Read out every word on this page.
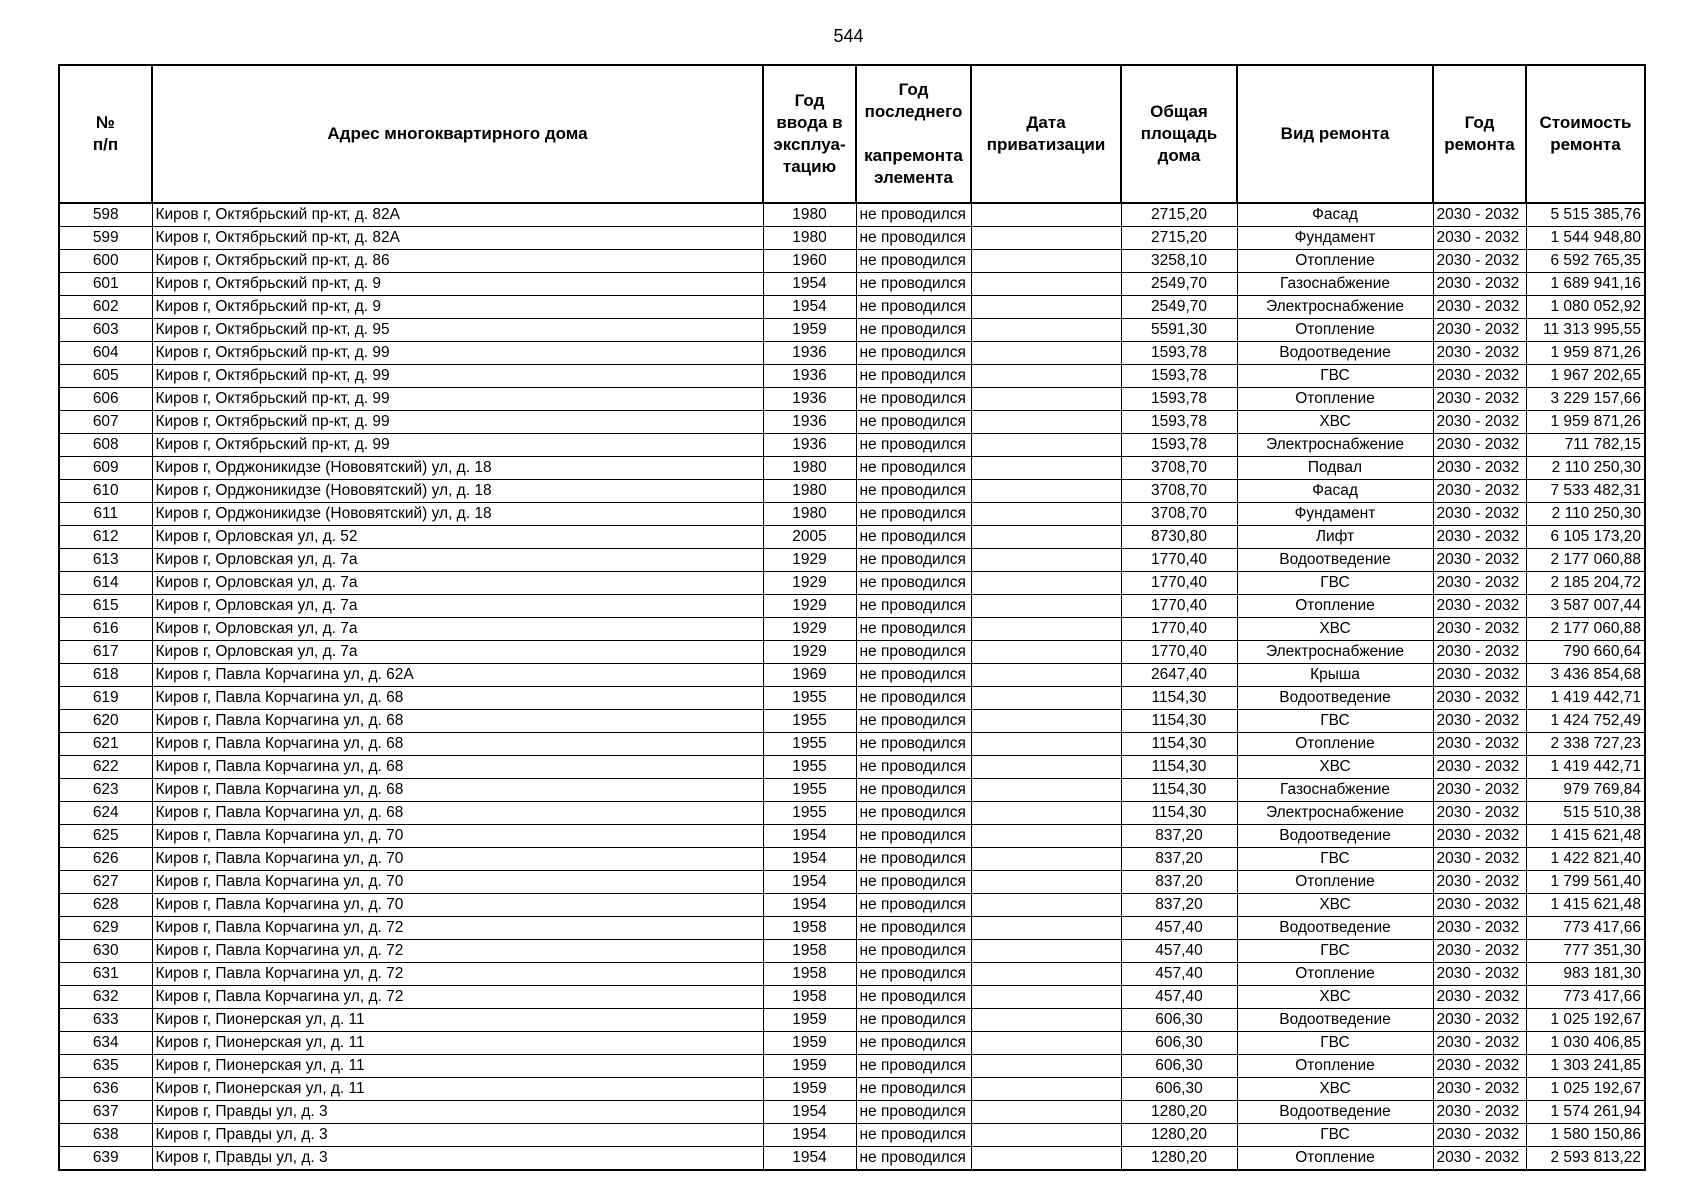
544
№
п/п	Адрес многоквартирного дома	Год
ввода в
эксплуа-
тацию	Год
последнего

капремонта
элемента	Дата
приватизации	Общая
площадь
дома	Вид ремонта	Год
ремонта	Стоимость
ремонта
598	Киров г, Октябрьский пр-кт, д. 82А	1980	не проводился		2715,20	Фасад	2030 - 2032	5 515 385,76
599	Киров г, Октябрьский пр-кт, д. 82А	1980	не проводился		2715,20	Фундамент	2030 - 2032	1 544 948,80
600	Киров г, Октябрьский пр-кт, д. 86	1960	не проводился		3258,10	Отопление	2030 - 2032	6 592 765,35
601	Киров г, Октябрьский пр-кт, д. 9	1954	не проводился		2549,70	Газоснабжение	2030 - 2032	1 689 941,16
602	Киров г, Октябрьский пр-кт, д. 9	1954	не проводился		2549,70	Электроснабжение	2030 - 2032	1 080 052,92
603	Киров г, Октябрьский пр-кт, д. 95	1959	не проводился		5591,30	Отопление	2030 - 2032	11 313 995,55
604	Киров г, Октябрьский пр-кт, д. 99	1936	не проводился		1593,78	Водоотведение	2030 - 2032	1 959 871,26
605	Киров г, Октябрьский пр-кт, д. 99	1936	не проводился		1593,78	ГВС	2030 - 2032	1 967 202,65
606	Киров г, Октябрьский пр-кт, д. 99	1936	не проводился		1593,78	Отопление	2030 - 2032	3 229 157,66
607	Киров г, Октябрьский пр-кт, д. 99	1936	не проводился		1593,78	ХВС	2030 - 2032	1 959 871,26
608	Киров г, Октябрьский пр-кт, д. 99	1936	не проводился		1593,78	Электроснабжение	2030 - 2032	711 782,15
609	Киров г, Орджоникидзе (Нововятский) ул, д. 18	1980	не проводился		3708,70	Подвал	2030 - 2032	2 110 250,30
610	Киров г, Орджоникидзе (Нововятский) ул, д. 18	1980	не проводился		3708,70	Фасад	2030 - 2032	7 533 482,31
611	Киров г, Орджоникидзе (Нововятский) ул, д. 18	1980	не проводился		3708,70	Фундамент	2030 - 2032	2 110 250,30
612	Киров г, Орловская ул, д. 52	2005	не проводился		8730,80	Лифт	2030 - 2032	6 105 173,20
613	Киров г, Орловская ул, д. 7а	1929	не проводился		1770,40	Водоотведение	2030 - 2032	2 177 060,88
614	Киров г, Орловская ул, д. 7а	1929	не проводился		1770,40	ГВС	2030 - 2032	2 185 204,72
615	Киров г, Орловская ул, д. 7а	1929	не проводился		1770,40	Отопление	2030 - 2032	3 587 007,44
616	Киров г, Орловская ул, д. 7а	1929	не проводился		1770,40	ХВС	2030 - 2032	2 177 060,88
617	Киров г, Орловская ул, д. 7а	1929	не проводился		1770,40	Электроснабжение	2030 - 2032	790 660,64
618	Киров г, Павла Корчагина ул, д. 62А	1969	не проводился		2647,40	Крыша	2030 - 2032	3 436 854,68
619	Киров г, Павла Корчагина ул, д. 68	1955	не проводился		1154,30	Водоотведение	2030 - 2032	1 419 442,71
620	Киров г, Павла Корчагина ул, д. 68	1955	не проводился		1154,30	ГВС	2030 - 2032	1 424 752,49
621	Киров г, Павла Корчагина ул, д. 68	1955	не проводился		1154,30	Отопление	2030 - 2032	2 338 727,23
622	Киров г, Павла Корчагина ул, д. 68	1955	не проводился		1154,30	ХВС	2030 - 2032	1 419 442,71
623	Киров г, Павла Корчагина ул, д. 68	1955	не проводился		1154,30	Газоснабжение	2030 - 2032	979 769,84
624	Киров г, Павла Корчагина ул, д. 68	1955	не проводился		1154,30	Электроснабжение	2030 - 2032	515 510,38
625	Киров г, Павла Корчагина ул, д. 70	1954	не проводился		837,20	Водоотведение	2030 - 2032	1 415 621,48
626	Киров г, Павла Корчагина ул, д. 70	1954	не проводился		837,20	ГВС	2030 - 2032	1 422 821,40
627	Киров г, Павла Корчагина ул, д. 70	1954	не проводился		837,20	Отопление	2030 - 2032	1 799 561,40
628	Киров г, Павла Корчагина ул, д. 70	1954	не проводился		837,20	ХВС	2030 - 2032	1 415 621,48
629	Киров г, Павла Корчагина ул, д. 72	1958	не проводился		457,40	Водоотведение	2030 - 2032	773 417,66
630	Киров г, Павла Корчагина ул, д. 72	1958	не проводился		457,40	ГВС	2030 - 2032	777 351,30
631	Киров г, Павла Корчагина ул, д. 72	1958	не проводился		457,40	Отопление	2030 - 2032	983 181,30
632	Киров г, Павла Корчагина ул, д. 72	1958	не проводился		457,40	ХВС	2030 - 2032	773 417,66
633	Киров г, Пионерская ул, д. 11	1959	не проводился		606,30	Водоотведение	2030 - 2032	1 025 192,67
634	Киров г, Пионерская ул, д. 11	1959	не проводился		606,30	ГВС	2030 - 2032	1 030 406,85
635	Киров г, Пионерская ул, д. 11	1959	не проводился		606,30	Отопление	2030 - 2032	1 303 241,85
636	Киров г, Пионерская ул, д. 11	1959	не проводился		606,30	ХВС	2030 - 2032	1 025 192,67
637	Киров г, Правды ул, д. 3	1954	не проводился		1280,20	Водоотведение	2030 - 2032	1 574 261,94
638	Киров г, Правды ул, д. 3	1954	не проводился		1280,20	ГВС	2030 - 2032	1 580 150,86
639	Киров г, Правды ул, д. 3	1954	не проводился		1280,20	Отопление	2030 - 2032	2 593 813,22
